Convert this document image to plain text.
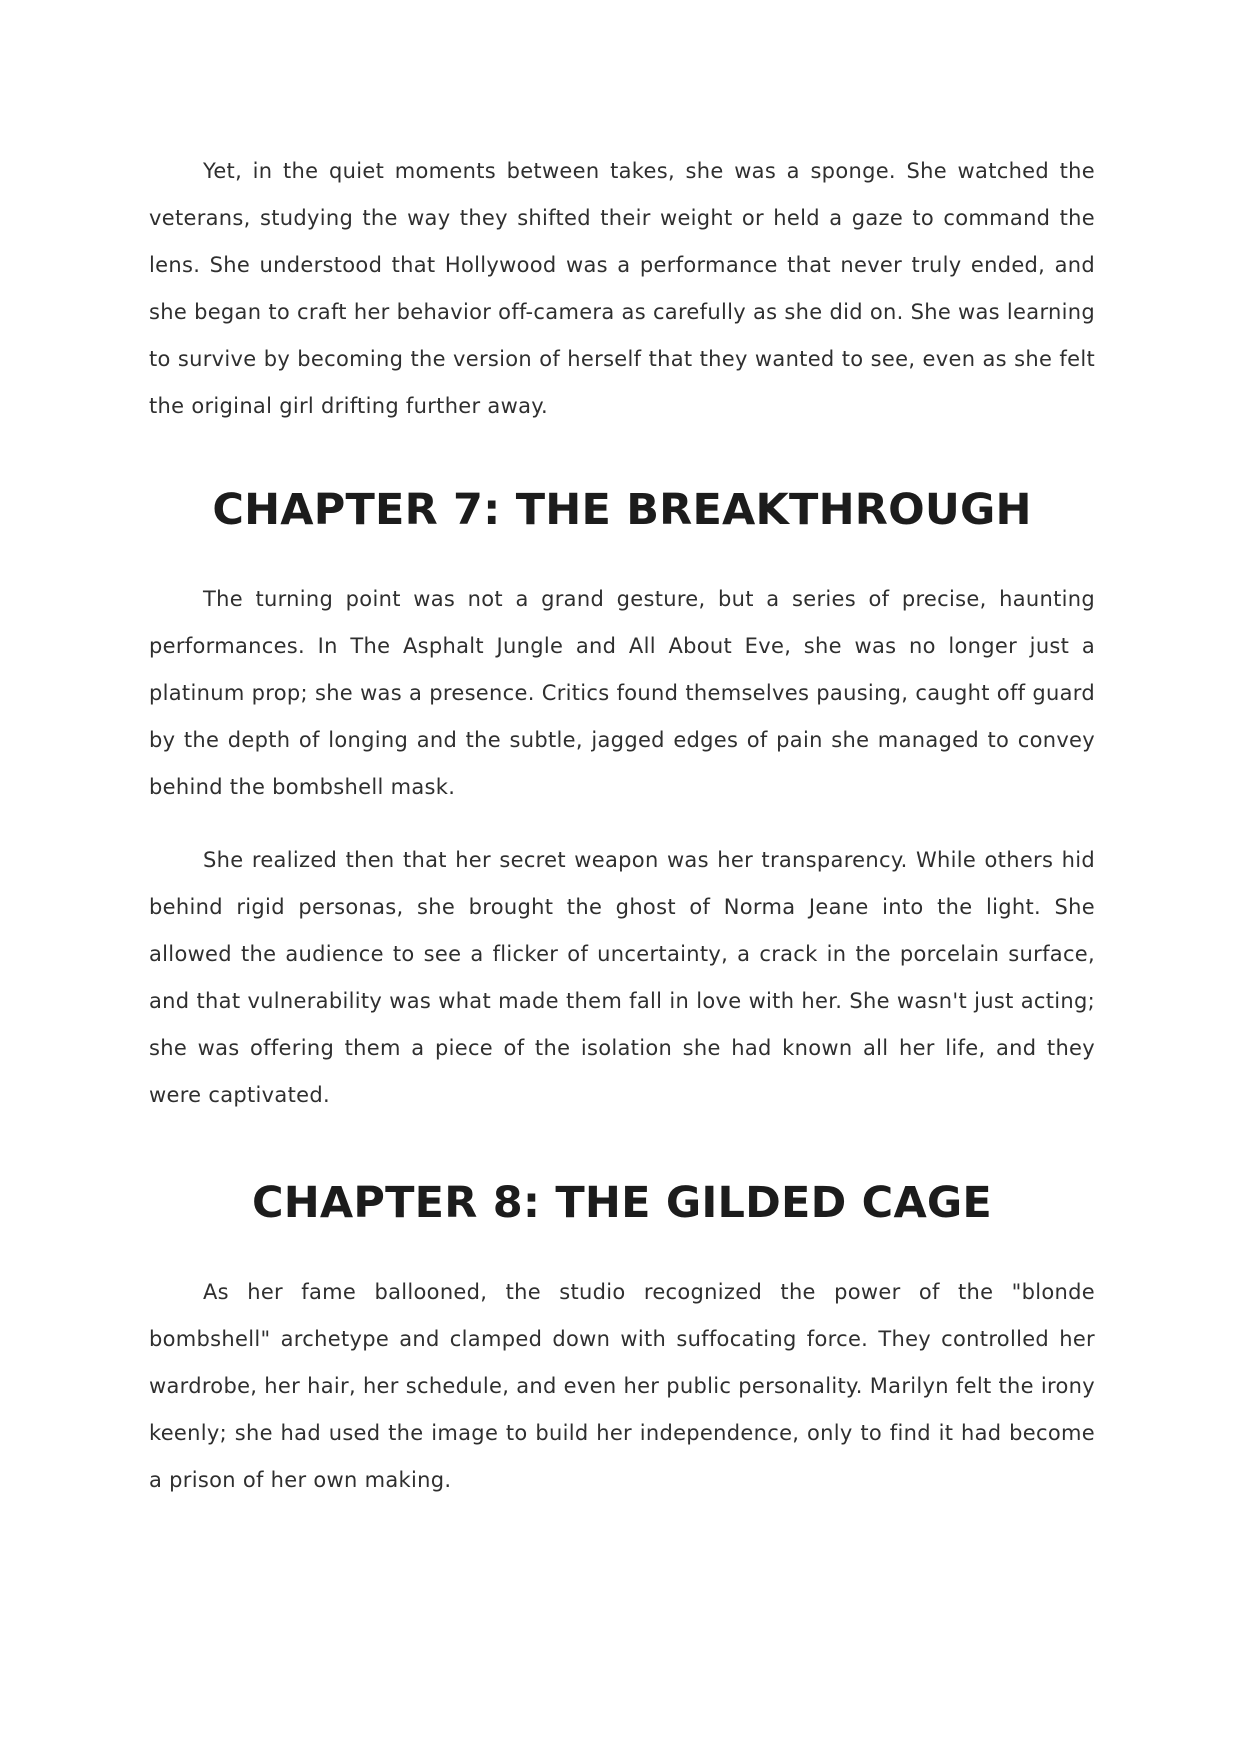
Yet, in the quiet moments between takes, she was a sponge. She watched the veterans, studying the way they shifted their weight or held a gaze to command the lens. She understood that Hollywood was a performance that never truly ended, and she began to craft her behavior off-camera as carefully as she did on. She was learning to survive by becoming the version of herself that they wanted to see, even as she felt the original girl drifting further away.

CHAPTER 7: THE BREAKTHROUGH

The turning point was not a grand gesture, but a series of precise, haunting performances. In The Asphalt Jungle and All About Eve, she was no longer just a platinum prop; she was a presence. Critics found themselves pausing, caught off guard by the depth of longing and the subtle, jagged edges of pain she managed to convey behind the bombshell mask.

She realized then that her secret weapon was her transparency. While others hid behind rigid personas, she brought the ghost of Norma Jeane into the light. She allowed the audience to see a flicker of uncertainty, a crack in the porcelain surface, and that vulnerability was what made them fall in love with her. She wasn't just acting; she was offering them a piece of the isolation she had known all her life, and they were captivated.

CHAPTER 8: THE GILDED CAGE

As her fame ballooned, the studio recognized the power of the "blonde bombshell" archetype and clamped down with suffocating force. They controlled her wardrobe, her hair, her schedule, and even her public personality. Marilyn felt the irony keenly; she had used the image to build her independence, only to find it had become a prison of her own making.
